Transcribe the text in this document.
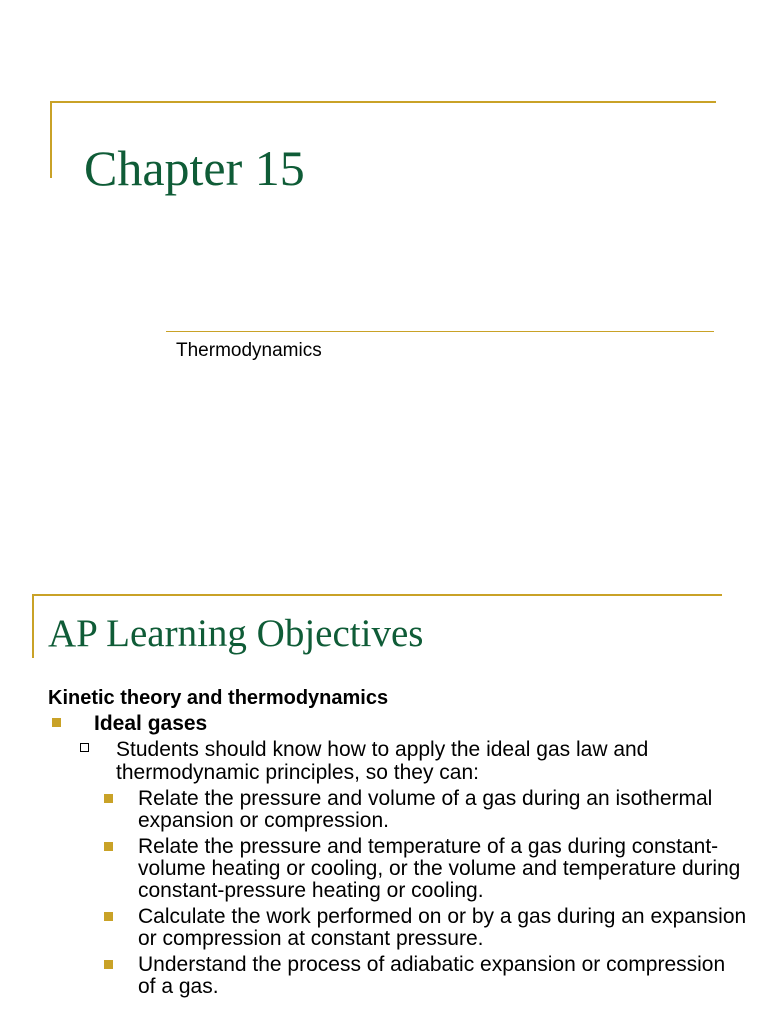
Chapter 15
Thermodynamics
AP Learning Objectives
Kinetic theory and thermodynamics
Ideal gases
Students should know how to apply the ideal gas law and thermodynamic principles, so they can:
Relate the pressure and volume of a gas during an isothermal expansion or compression.
Relate the pressure and temperature of a gas during constant-volume heating or cooling, or the volume and temperature during constant-pressure heating or cooling.
Calculate the work performed on or by a gas during an expansion or compression at constant pressure.
Understand the process of adiabatic expansion or compression of a gas.
